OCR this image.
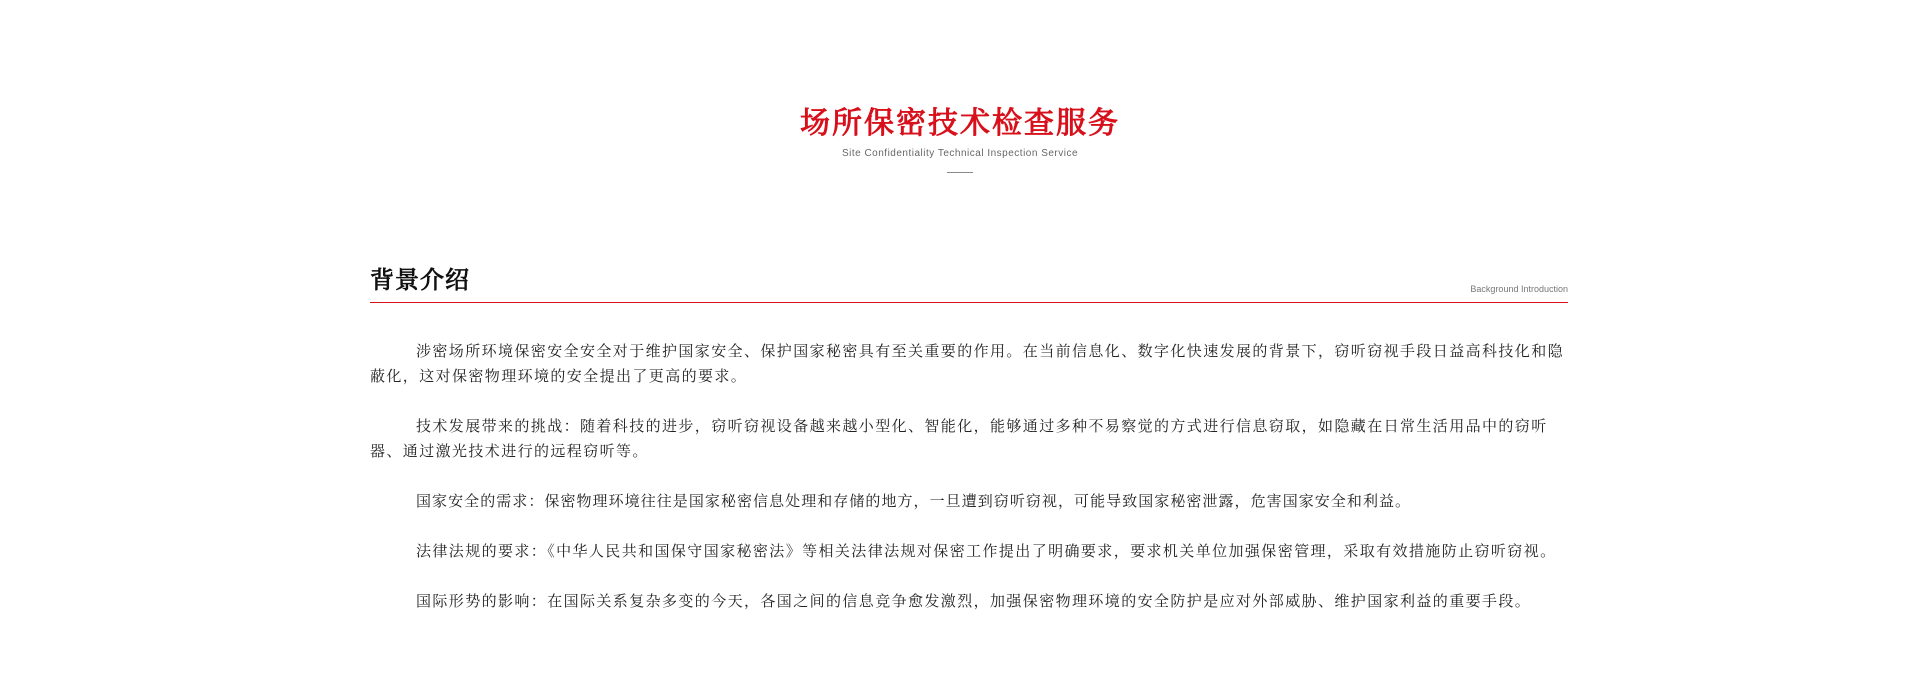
场所保密技术检查服务
Site Confidentiality Technical Inspection Service
背景介绍	Background Introduction

涉密场所环境保密安全安全对于维护国家安全、保护国家秘密具有至关重要的作用。在当前信息化、数字化快速发展的背景下，窃听窃视手段日益高科技化和隐蔽化，这对保密物理环境的安全提出了更高的要求。

技术发展带来的挑战：随着科技的进步，窃听窃视设备越来越小型化、智能化，能够通过多种不易察觉的方式进行信息窃取，如隐藏在日常生活用品中的窃听器、通过激光技术进行的远程窃听等。

国家安全的需求：保密物理环境往往是国家秘密信息处理和存储的地方，一旦遭到窃听窃视，可能导致国家秘密泄露，危害国家安全和利益。

法律法规的要求：《中华人民共和国保守国家秘密法》等相关法律法规对保密工作提出了明确要求，要求机关单位加强保密管理，采取有效措施防止窃听窃视。

国际形势的影响：在国际关系复杂多变的今天，各国之间的信息竞争愈发激烈，加强保密物理环境的安全防护是应对外部威胁、维护国家利益的重要手段。
